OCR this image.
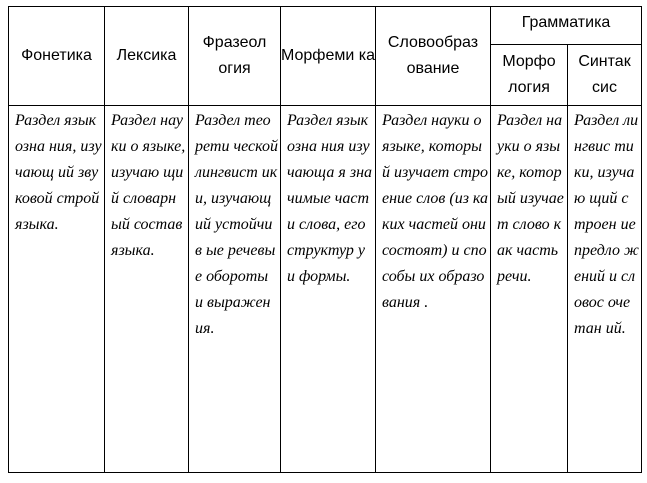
Фонетика	Лексика	Фразеол огия	Морфеми ка	Словообраз ование	Грамматика	
					Морфо логия	Синтак сис
Раздел языкозна ния, изучающ ий звуковой строй языка.	Раздел науки о языке, изучаю щий словарн ый состав языка.	Раздел теорети ческой лингвист ики, изучающ ий устойчив ые речевые обороты и выражен ия.	Раздел языкозна ния изучающа я значимые части слова, его структур у и формы.	Раздел науки о языке, который изучает строение слов (из каких частей они состоят) и способы их образования .	Раздел науки о языке, котор ый изучае т слово как часть речи.	Раздел лингвис тики, изучаю щий строен ие предло жений и словос очетан ий.
